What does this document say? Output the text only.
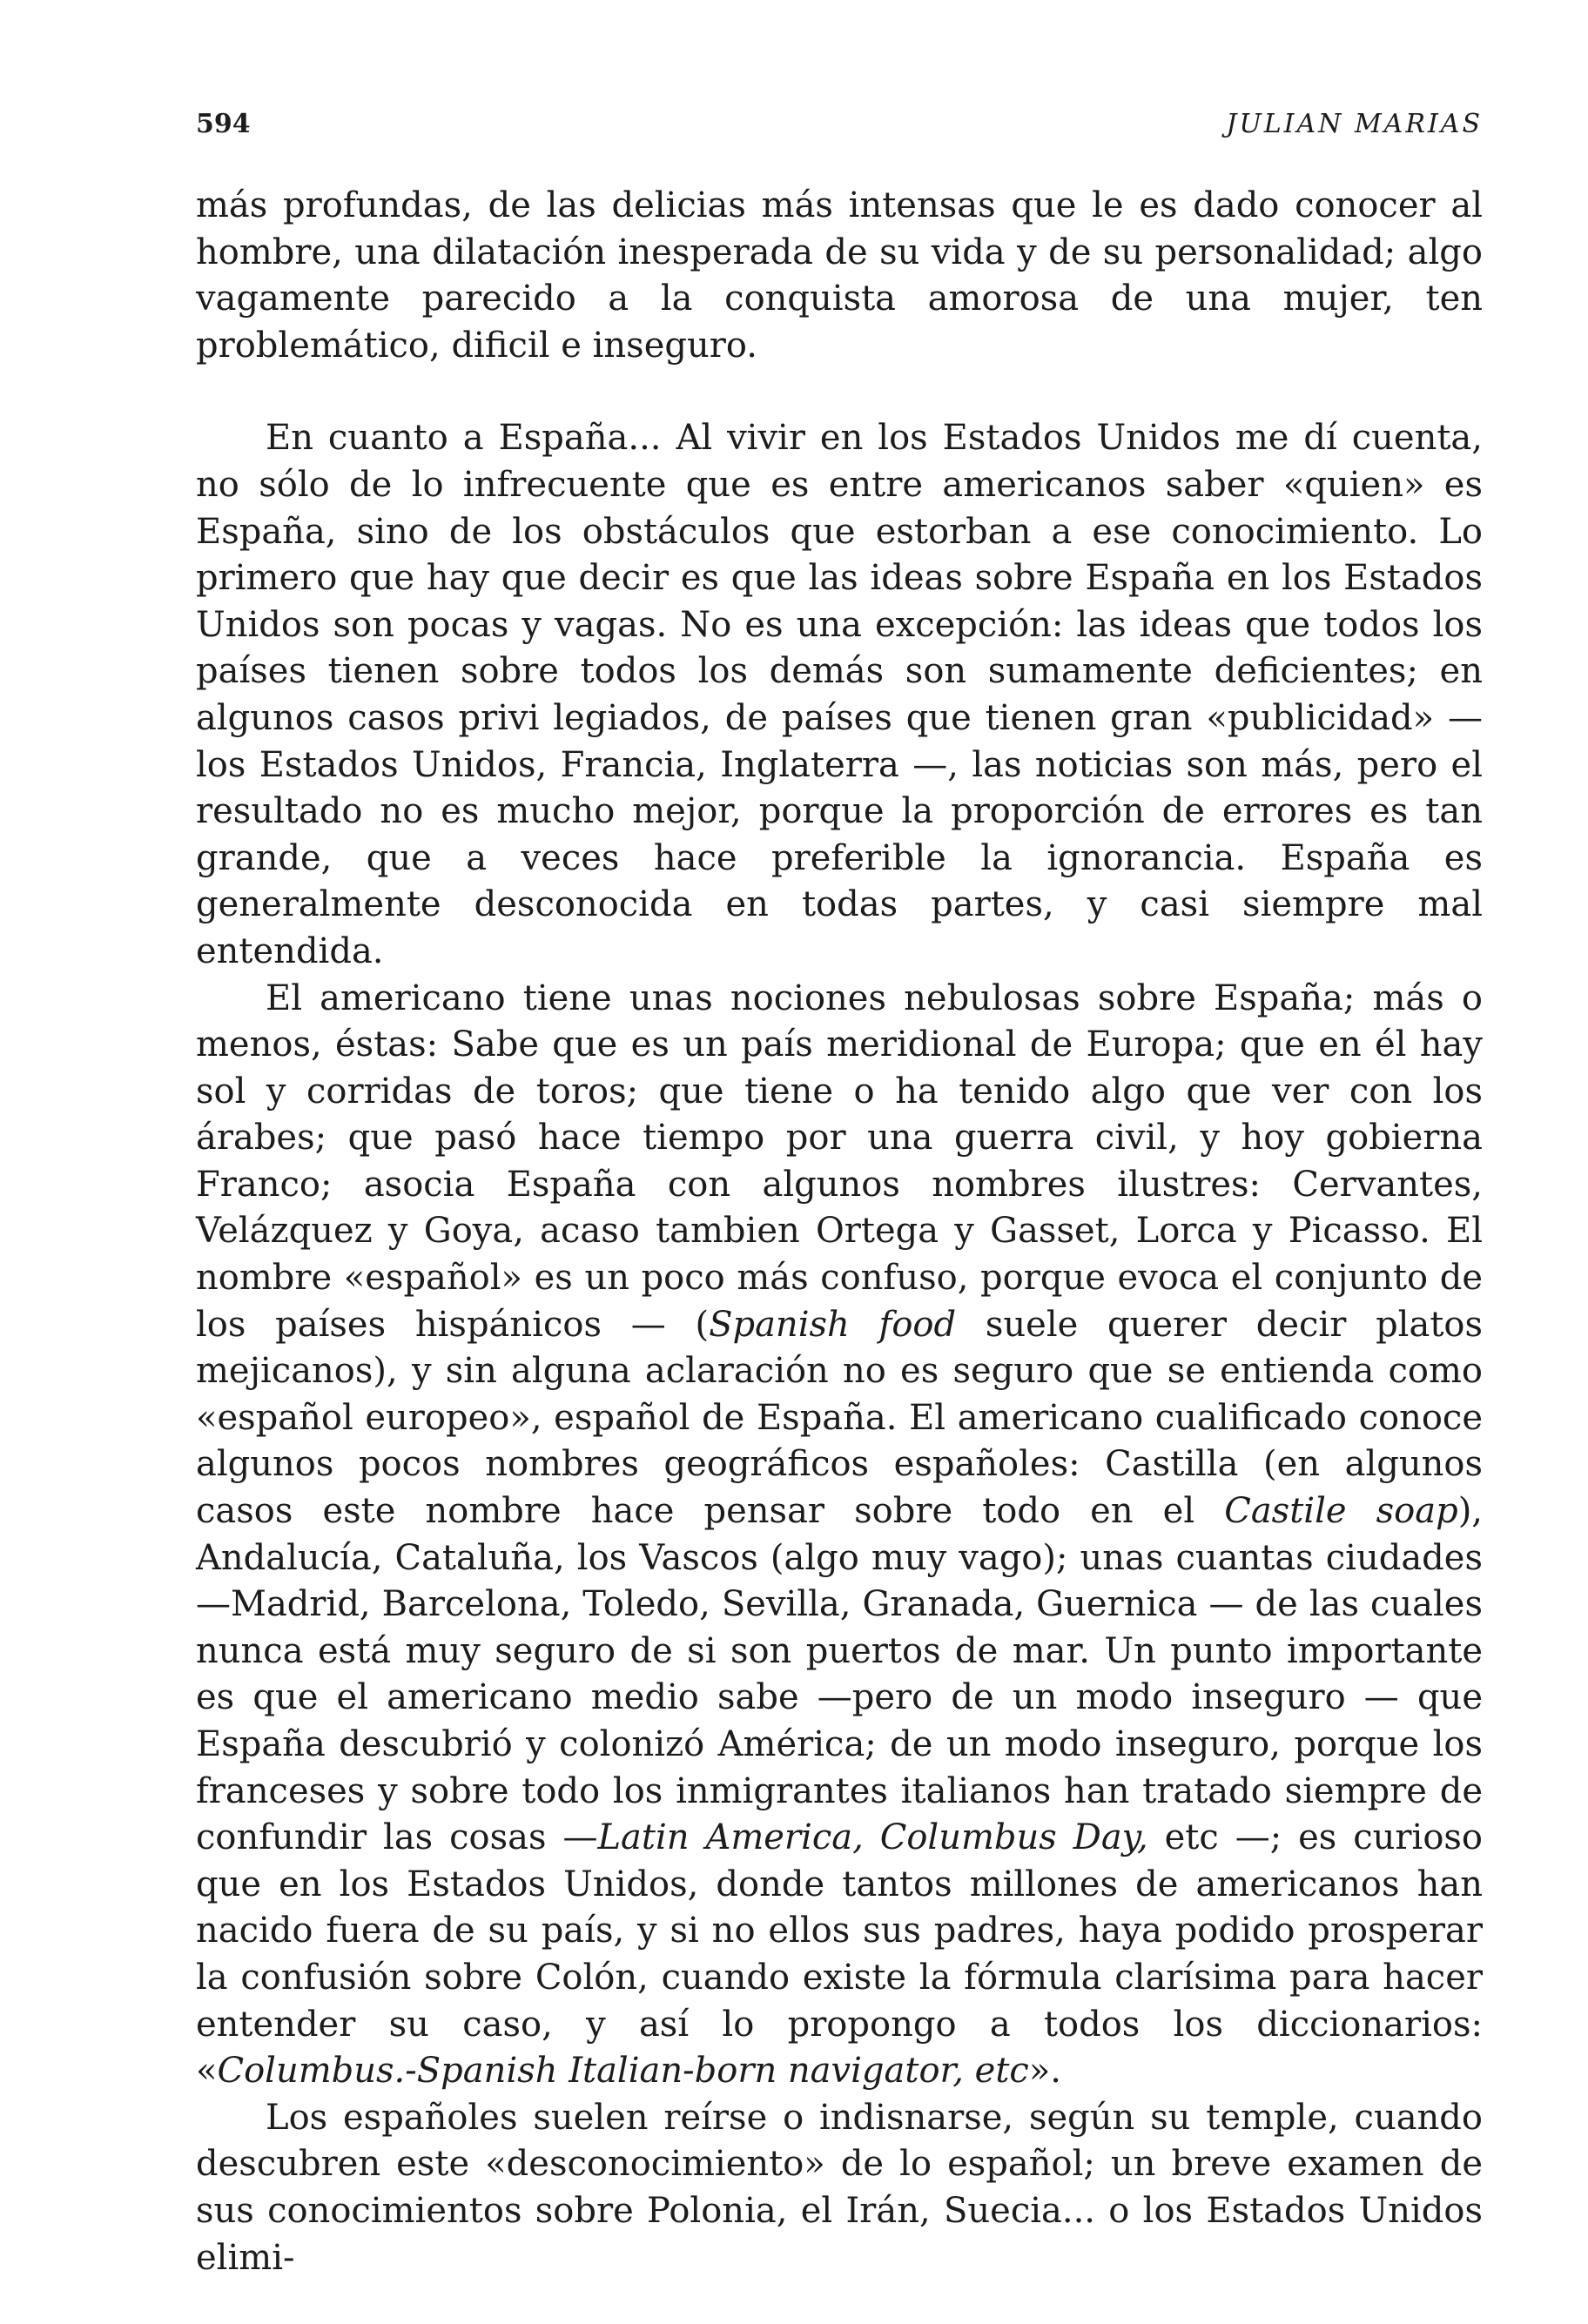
594	JULIAN MARIAS

más profundas, de las delicias más intensas que le es dado conocer al hombre, una dilatación inesperada de su vida y de su personalidad; algo vagamente parecido a la conquista amorosa de una mujer, ten problemático, dificil e inseguro.

En cuanto a España... Al vivir en los Estados Unidos me dí cuenta, no sólo de lo infrecuente que es entre americanos saber «quien» es España, sino de los obstáculos que estorban a ese conocimiento. Lo primero que hay que decir es que las ideas sobre España en los Estados Unidos son pocas y vagas. No es una excepción: las ideas que todos los países tienen sobre todos los demás son sumamente deficientes; en algunos casos privi legiados, de países que tienen gran «publicidad» —los Estados Unidos, Francia, Inglaterra —, las noticias son más, pero el resultado no es mucho mejor, porque la proporción de errores es tan grande, que a veces hace preferible la ignorancia. España es generalmente desconocida en todas partes, y casi siempre mal entendida.

El americano tiene unas nociones nebulosas sobre España; más o menos, éstas: Sabe que es un país meridional de Europa; que en él hay sol y corridas de toros; que tiene o ha tenido algo que ver con los árabes; que pasó hace tiempo por una guerra civil, y hoy gobierna Franco; asocia España con algunos nombres ilustres: Cervantes, Velázquez y Goya, acaso tambien Ortega y Gasset, Lorca y Picasso. El nombre «español» es un poco más confuso, porque evoca el conjunto de los países hispánicos — (Spanish food suele querer decir platos mejicanos), y sin alguna aclaración no es seguro que se entienda como «español europeo», español de España. El americano cualificado conoce algunos pocos nombres geográficos españoles: Castilla (en algunos casos este nombre hace pensar sobre todo en el Castile soap), Andalucía, Cataluña, los Vascos (algo muy vago); unas cuantas ciudades —Madrid, Barcelona, Toledo, Sevilla, Granada, Guernica — de las cuales nunca está muy seguro de si son puertos de mar. Un punto importante es que el americano medio sabe —pero de un modo inseguro — que España descubrió y colonizó América; de un modo inseguro, porque los franceses y sobre todo los inmigrantes italianos han tratado siempre de confundir las cosas —Latin America, Columbus Day, etc —; es curioso que en los Estados Unidos, donde tantos millones de americanos han nacido fuera de su país, y si no ellos sus padres, haya podido prosperar la confusión sobre Colón, cuando existe la fórmula clarísima para hacer entender su caso, y así lo propongo a todos los diccionarios: «Columbus.-Spanish Italian-born navigator, etc».

Los españoles suelen reírse o indisnarse, según su temple, cuando descubren este «desconocimiento» de lo español; un breve examen de sus conocimientos sobre Polonia, el Irán, Suecia... o los Estados Unidos elimi-
